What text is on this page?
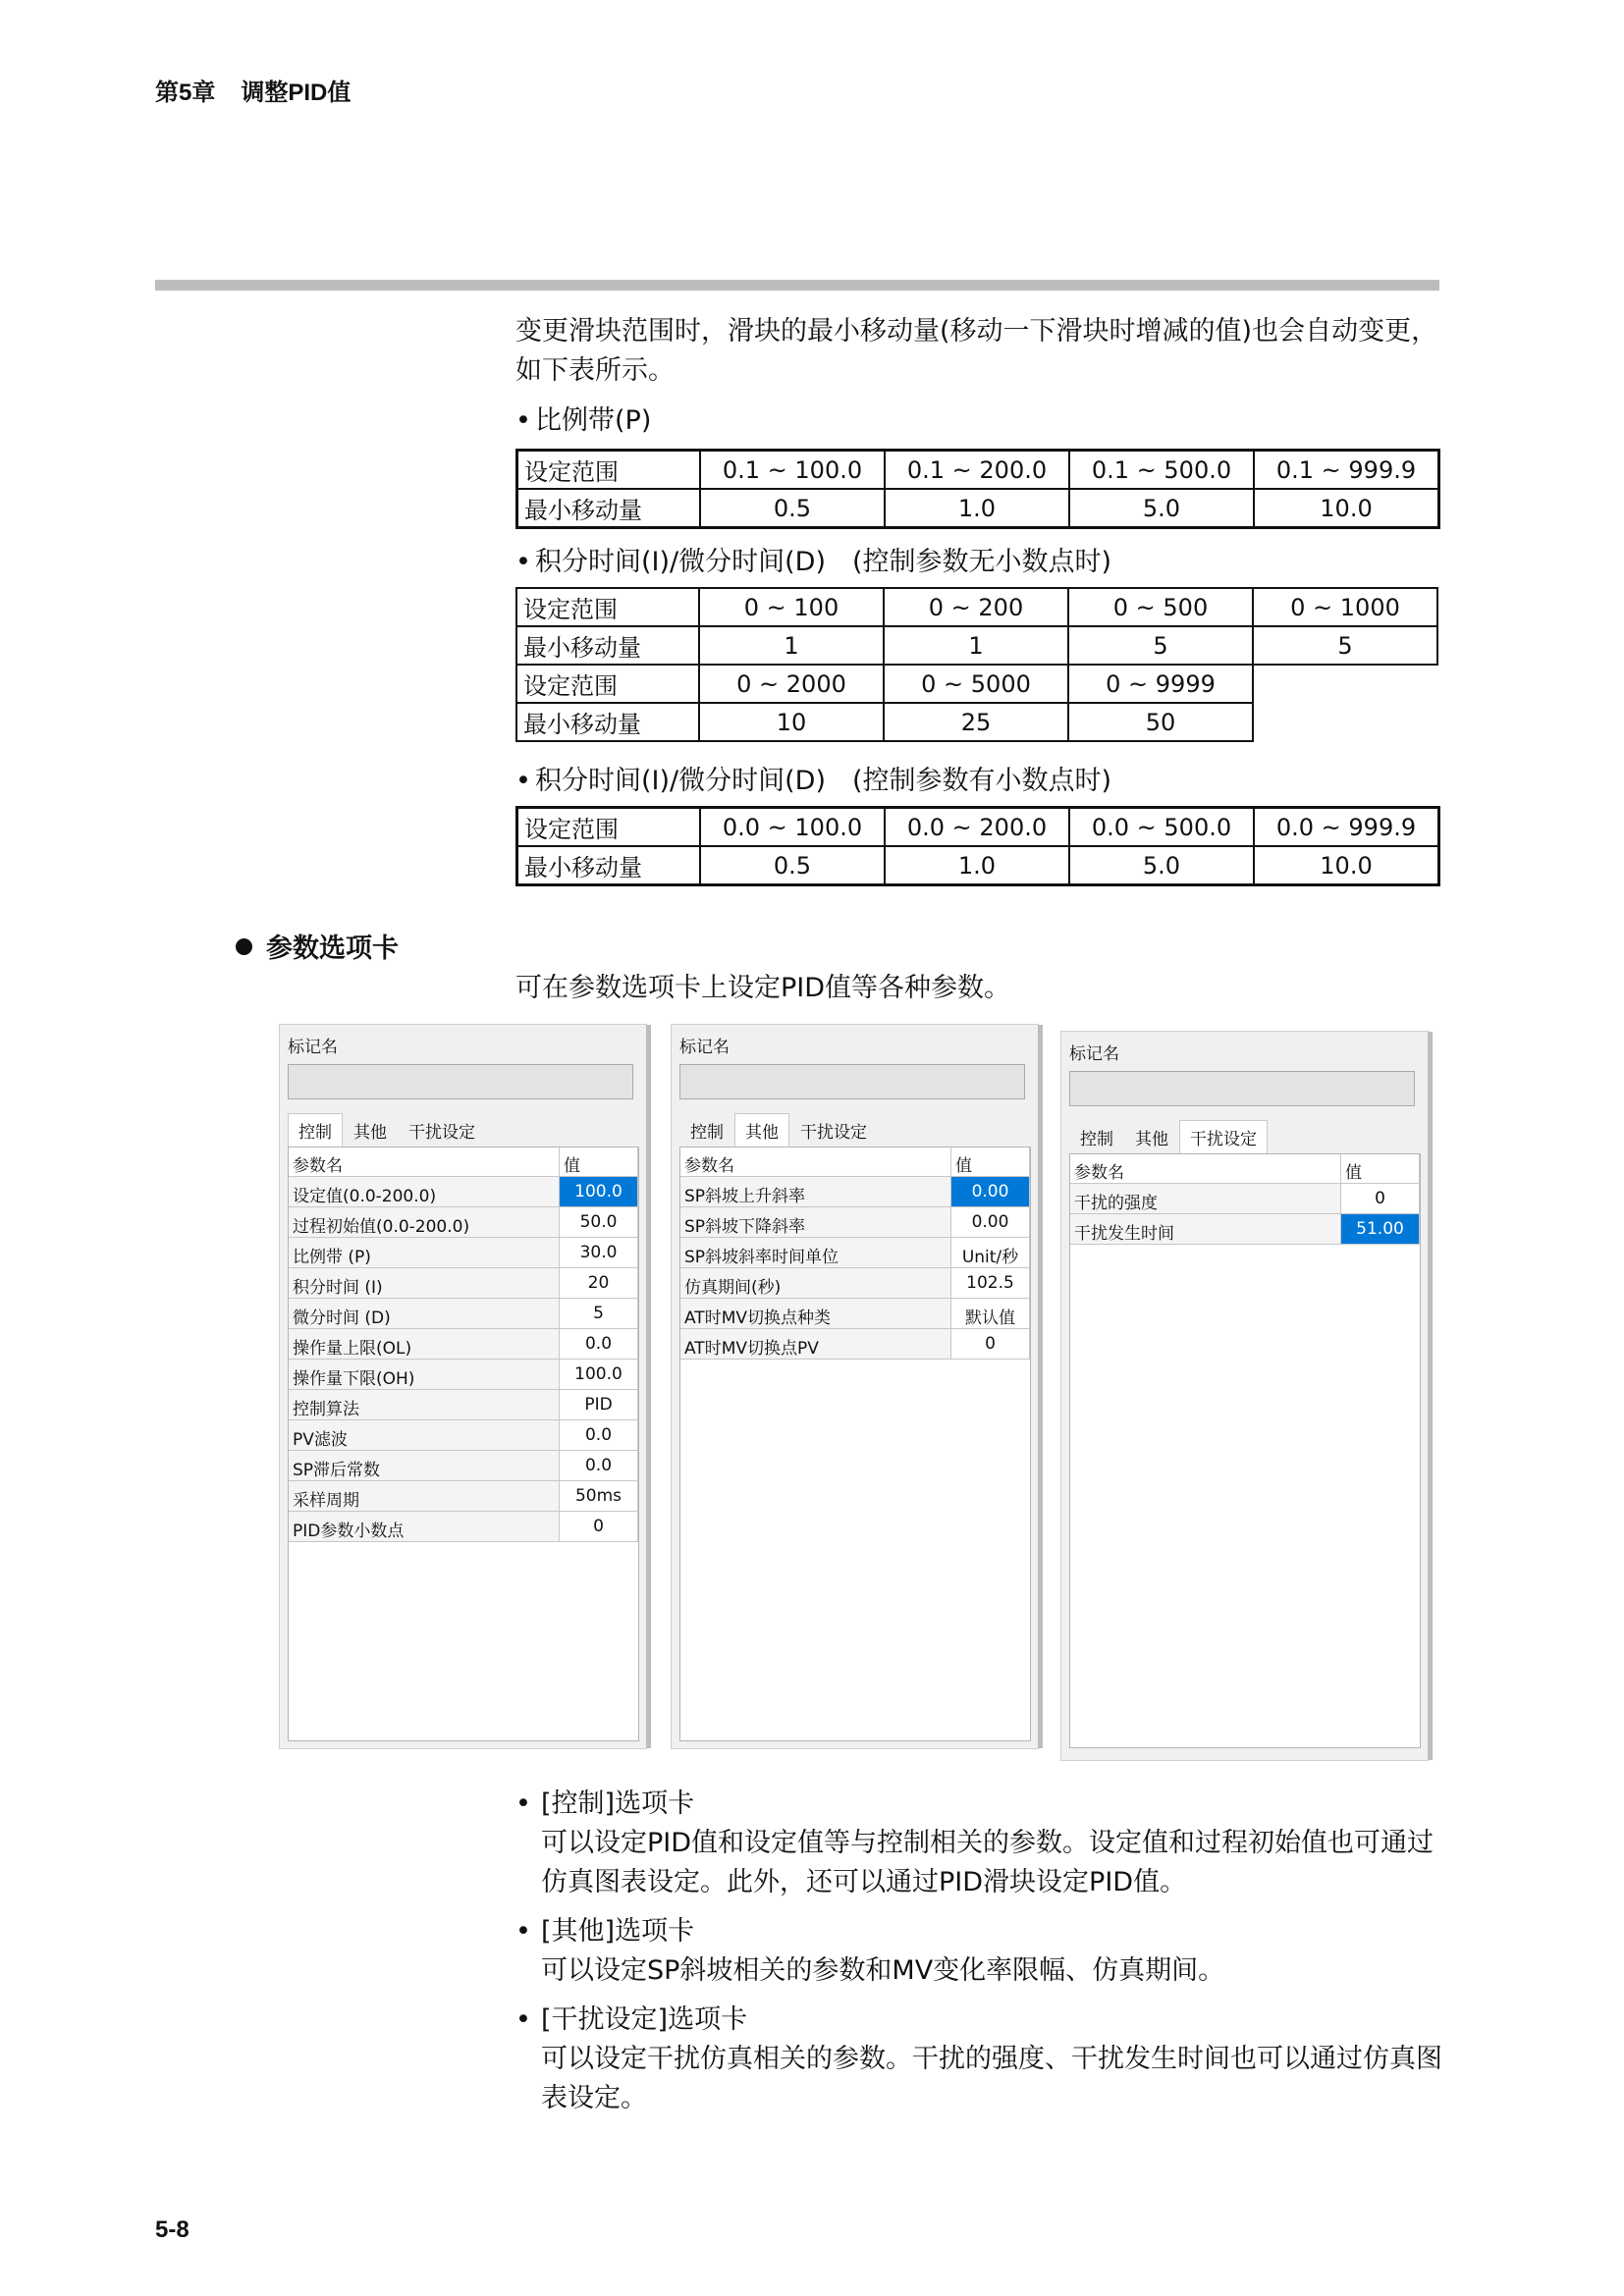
第5章 调整PID值
变更滑块范围时，滑块的最小移动量(移动一下滑块时增减的值)也会自动变更，如下表所示。
• 比例带(P)
设定范围	0.1 ~ 100.0	0.1 ~ 200.0	0.1 ~ 500.0	0.1 ~ 999.9
最小移动量	0.5	1.0	5.0	10.0
• 积分时间(I)/微分时间(D)　(控制参数无小数点时)
设定范围	0 ~ 100	0 ~ 200	0 ~ 500	0 ~ 1000
最小移动量	1	1	5	5
设定范围	0 ~ 2000	0 ~ 5000	0 ~ 9999	
最小移动量	10	25	50	
• 积分时间(I)/微分时间(D)　(控制参数有小数点时)
设定范围	0.0 ~ 100.0	0.0 ~ 200.0	0.0 ~ 500.0	0.0 ~ 999.9
最小移动量	0.5	1.0	5.0	10.0
参数选项卡
可在参数选项卡上设定PID值等各种参数。
标记名
控制 其他 干扰设定
参数名	值
设定值(0.0-200.0)	100.0
过程初始值(0.0-200.0)	50.0
比例带 (P)	30.0
积分时间 (I)	20
微分时间 (D)	5
操作量上限(OL)	0.0
操作量下限(OH)	100.0
控制算法	PID
PV滤波	0.0
SP滞后常数	0.0
采样周期	50ms
PID参数小数点	0
标记名
控制 其他 干扰设定
参数名	值
SP斜坡上升斜率	0.00
SP斜坡下降斜率	0.00
SP斜坡斜率时间单位	Unit/秒
仿真期间(秒)	102.5
AT时MV切换点种类	默认值
AT时MV切换点PV	0
标记名
控制 其他 干扰设定
参数名	值
干扰的强度	0
干扰发生时间	51.00
• [控制]选项卡
可以设定PID值和设定值等与控制相关的参数。设定值和过程初始值也可通过仿真图表设定。此外，还可以通过PID滑块设定PID值。
• [其他]选项卡
可以设定SP斜坡相关的参数和MV变化率限幅、仿真期间。
• [干扰设定]选项卡
可以设定干扰仿真相关的参数。干扰的强度、干扰发生时间也可以通过仿真图表设定。
5-8
